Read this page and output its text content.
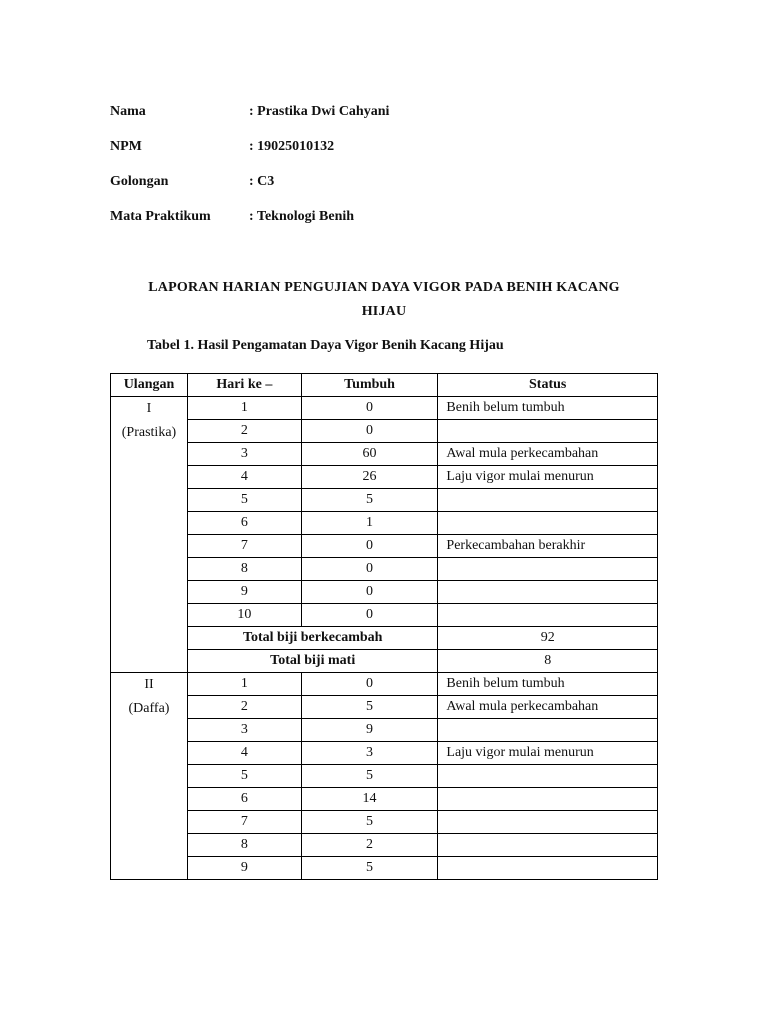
Nama	: Prastika Dwi Cahyani
NPM	: 19025010132
Golongan	: C3
Mata Praktikum	: Teknologi Benih
LAPORAN HARIAN PENGUJIAN DAYA VIGOR PADA BENIH KACANG
HIJAU
Tabel 1. Hasil Pengamatan Daya Vigor Benih Kacang Hijau
Ulangan	Hari ke –	Tumbuh	Status

I
(Prastika)	1	0	Benih belum tumbuh
	2	0	
	3	60	Awal mula perkecambahan
	4	26	Laju vigor mulai menurun
	5	5	
	6	1	
	7	0	Perkecambahan berakhir
	8	0	
	9	0	
	10	0	
	Total biji berkecambah		92
	Total biji mati		8

II
(Daffa)	1	0	Benih belum tumbuh
	2	5	Awal mula perkecambahan
	3	9	
	4	3	Laju vigor mulai menurun
	5	5	
	6	14	
	7	5	
	8	2	
	9	5	
